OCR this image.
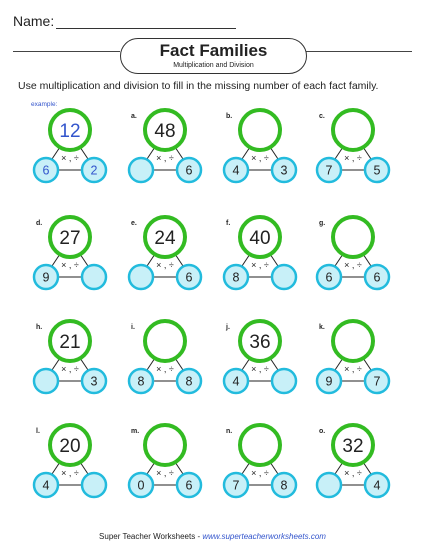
Name:
Fact Families
Multiplication and Division
Use multiplication and division to fill in the missing number of each fact family.
example:
× , ÷
12
6	2
× , ÷
a.
48
6
× , ÷
b.
4	3
× , ÷
c.
7	5
× , ÷
d.
27
9
× , ÷
e.
24
6
× , ÷
f.
40
8
× , ÷
g.
6	6
× , ÷
h.
21
3
× , ÷
i.
8	8
× , ÷
j.
36
4
× , ÷
k.
9	7
× , ÷
l.
20
4
× , ÷
m.
0	6
× , ÷
n.
7	8
× , ÷
o.
32
4
Super Teacher Worksheets - www.superteacherworksheets.com
